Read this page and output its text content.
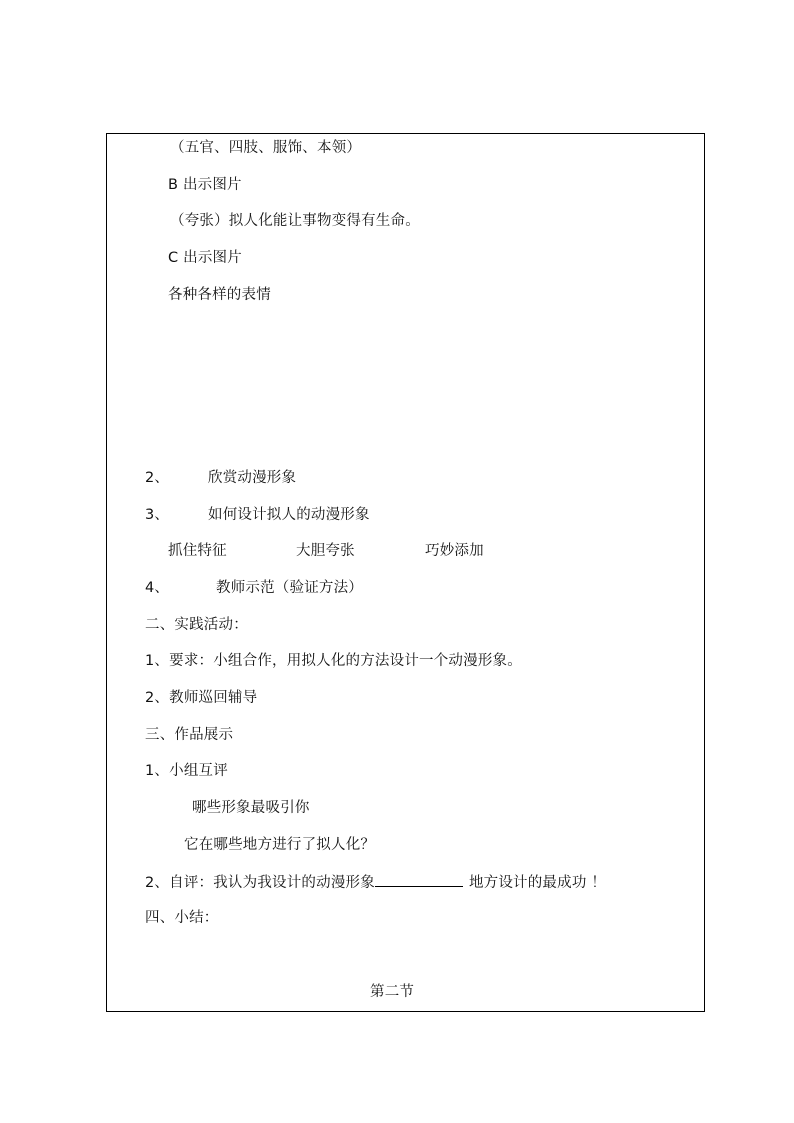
（五官、四肢、服饰、本领）
B 出示图片
（夸张）拟人化能让事物变得有生命。
C 出示图片
各种各样的表情
2、	欣赏动漫形象
3、	如何设计拟人的动漫形象
抓住特征	大胆夸张	巧妙添加
4、	教师示范（验证方法）
二、实践活动：
1、要求：小组合作，用拟人化的方法设计一个动漫形象。
2、教师巡回辅导
三、作品展示
1、小组互评
哪些形象最吸引你
它在哪些地方进行了拟人化？
2、自评：我认为我设计的动漫形象	地方设计的最成功 ！
四、小结：
第二节
